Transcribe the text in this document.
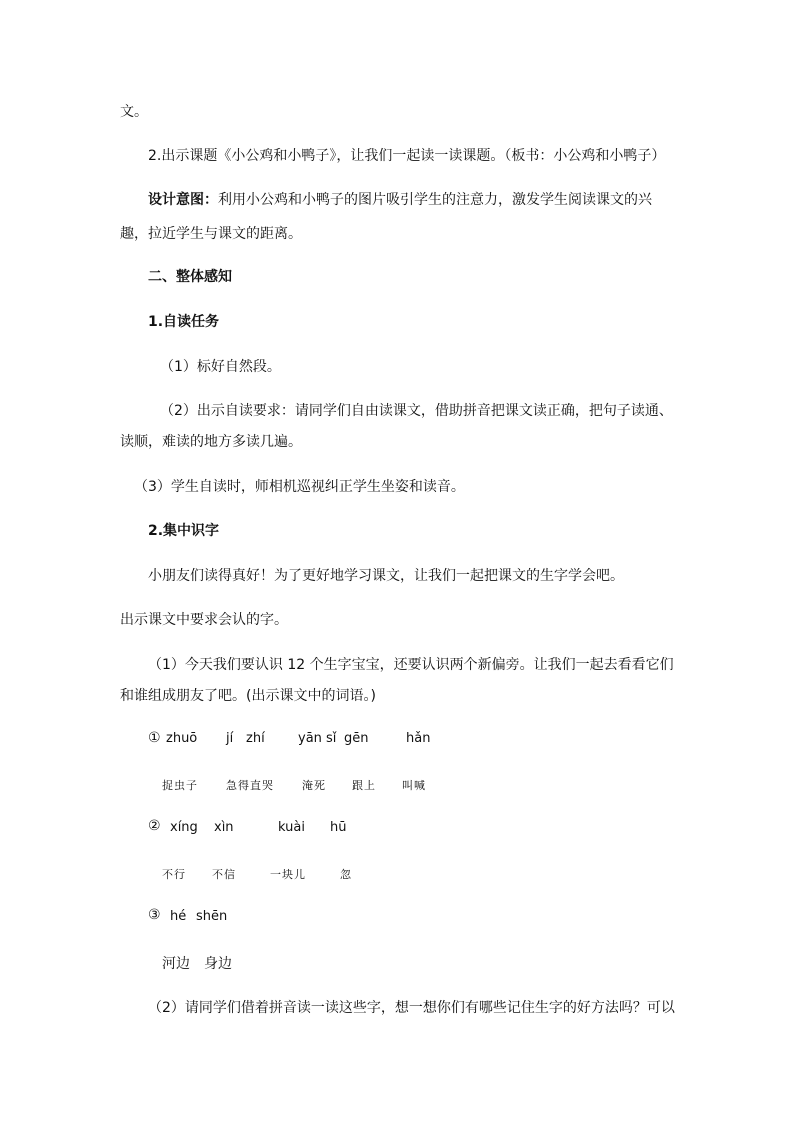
文。
2.出示课题《小公鸡和小鸭子》，让我们一起读一读课题。（板书：小公鸡和小鸭子）
设计意图：利用小公鸡和小鸭子的图片吸引学生的注意力，激发学生阅读课文的兴
趣，拉近学生与课文的距离。
二、整体感知
1.自读任务
（1）标好自然段。
（2）出示自读要求：请同学们自由读课文，借助拼音把课文读正确，把句子读通、
读顺，难读的地方多读几遍。
（3）学生自读时，师相机巡视纠正学生坐姿和读音。
2.集中识字
小朋友们读得真好！为了更好地学习课文，让我们一起把课文的生字学会吧。
出示课文中要求会认的字。
（1）今天我们要认识 12 个生字宝宝，还要认识两个新偏旁。让我们一起去看看它们
和谁组成朋友了吧。(出示课文中的词语。)
① zhuō jí zhí	yān sǐ gēn	hǎn
捉虫子	急得直哭	淹死 跟上 叫喊
② xíng xìn	kuài hū
不行 不信	一块儿	忽
③ hé shēn
河边 身边
（2）请同学们借着拼音读一读这些字，想一想你们有哪些记住生字的好方法吗？可以
